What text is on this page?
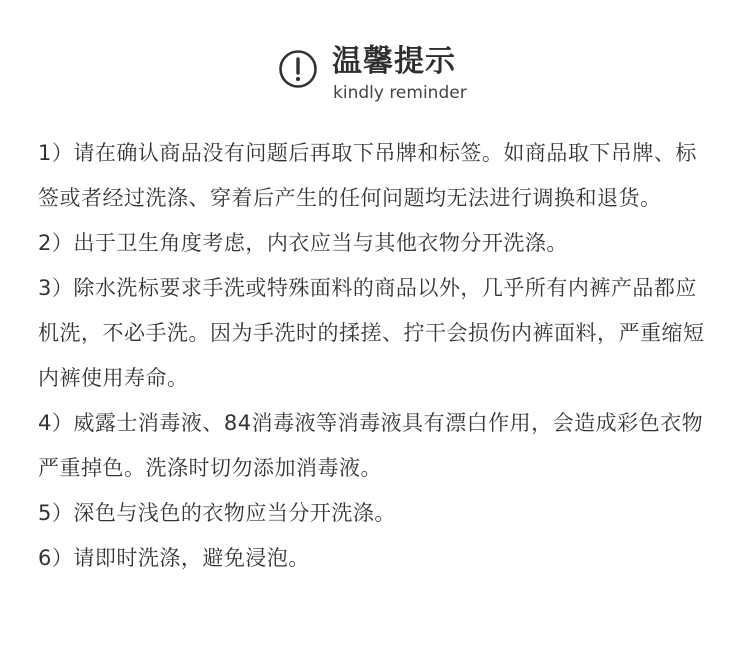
温馨提示
kindly reminder

1）请在确认商品没有问题后再取下吊牌和标签。如商品取下吊牌、标签或者经过洗涤、穿着后产生的任何问题均无法进行调换和退货。

2）出于卫生角度考虑，内衣应当与其他衣物分开洗涤。

3）除水洗标要求手洗或特殊面料的商品以外，几乎所有内裤产品都应机洗，不必手洗。因为手洗时的揉搓、拧干会损伤内裤面料，严重缩短内裤使用寿命。

4）威露士消毒液、84消毒液等消毒液具有漂白作用，会造成彩色衣物严重掉色。洗涤时切勿添加消毒液。

5）深色与浅色的衣物应当分开洗涤。

6）请即时洗涤，避免浸泡。
